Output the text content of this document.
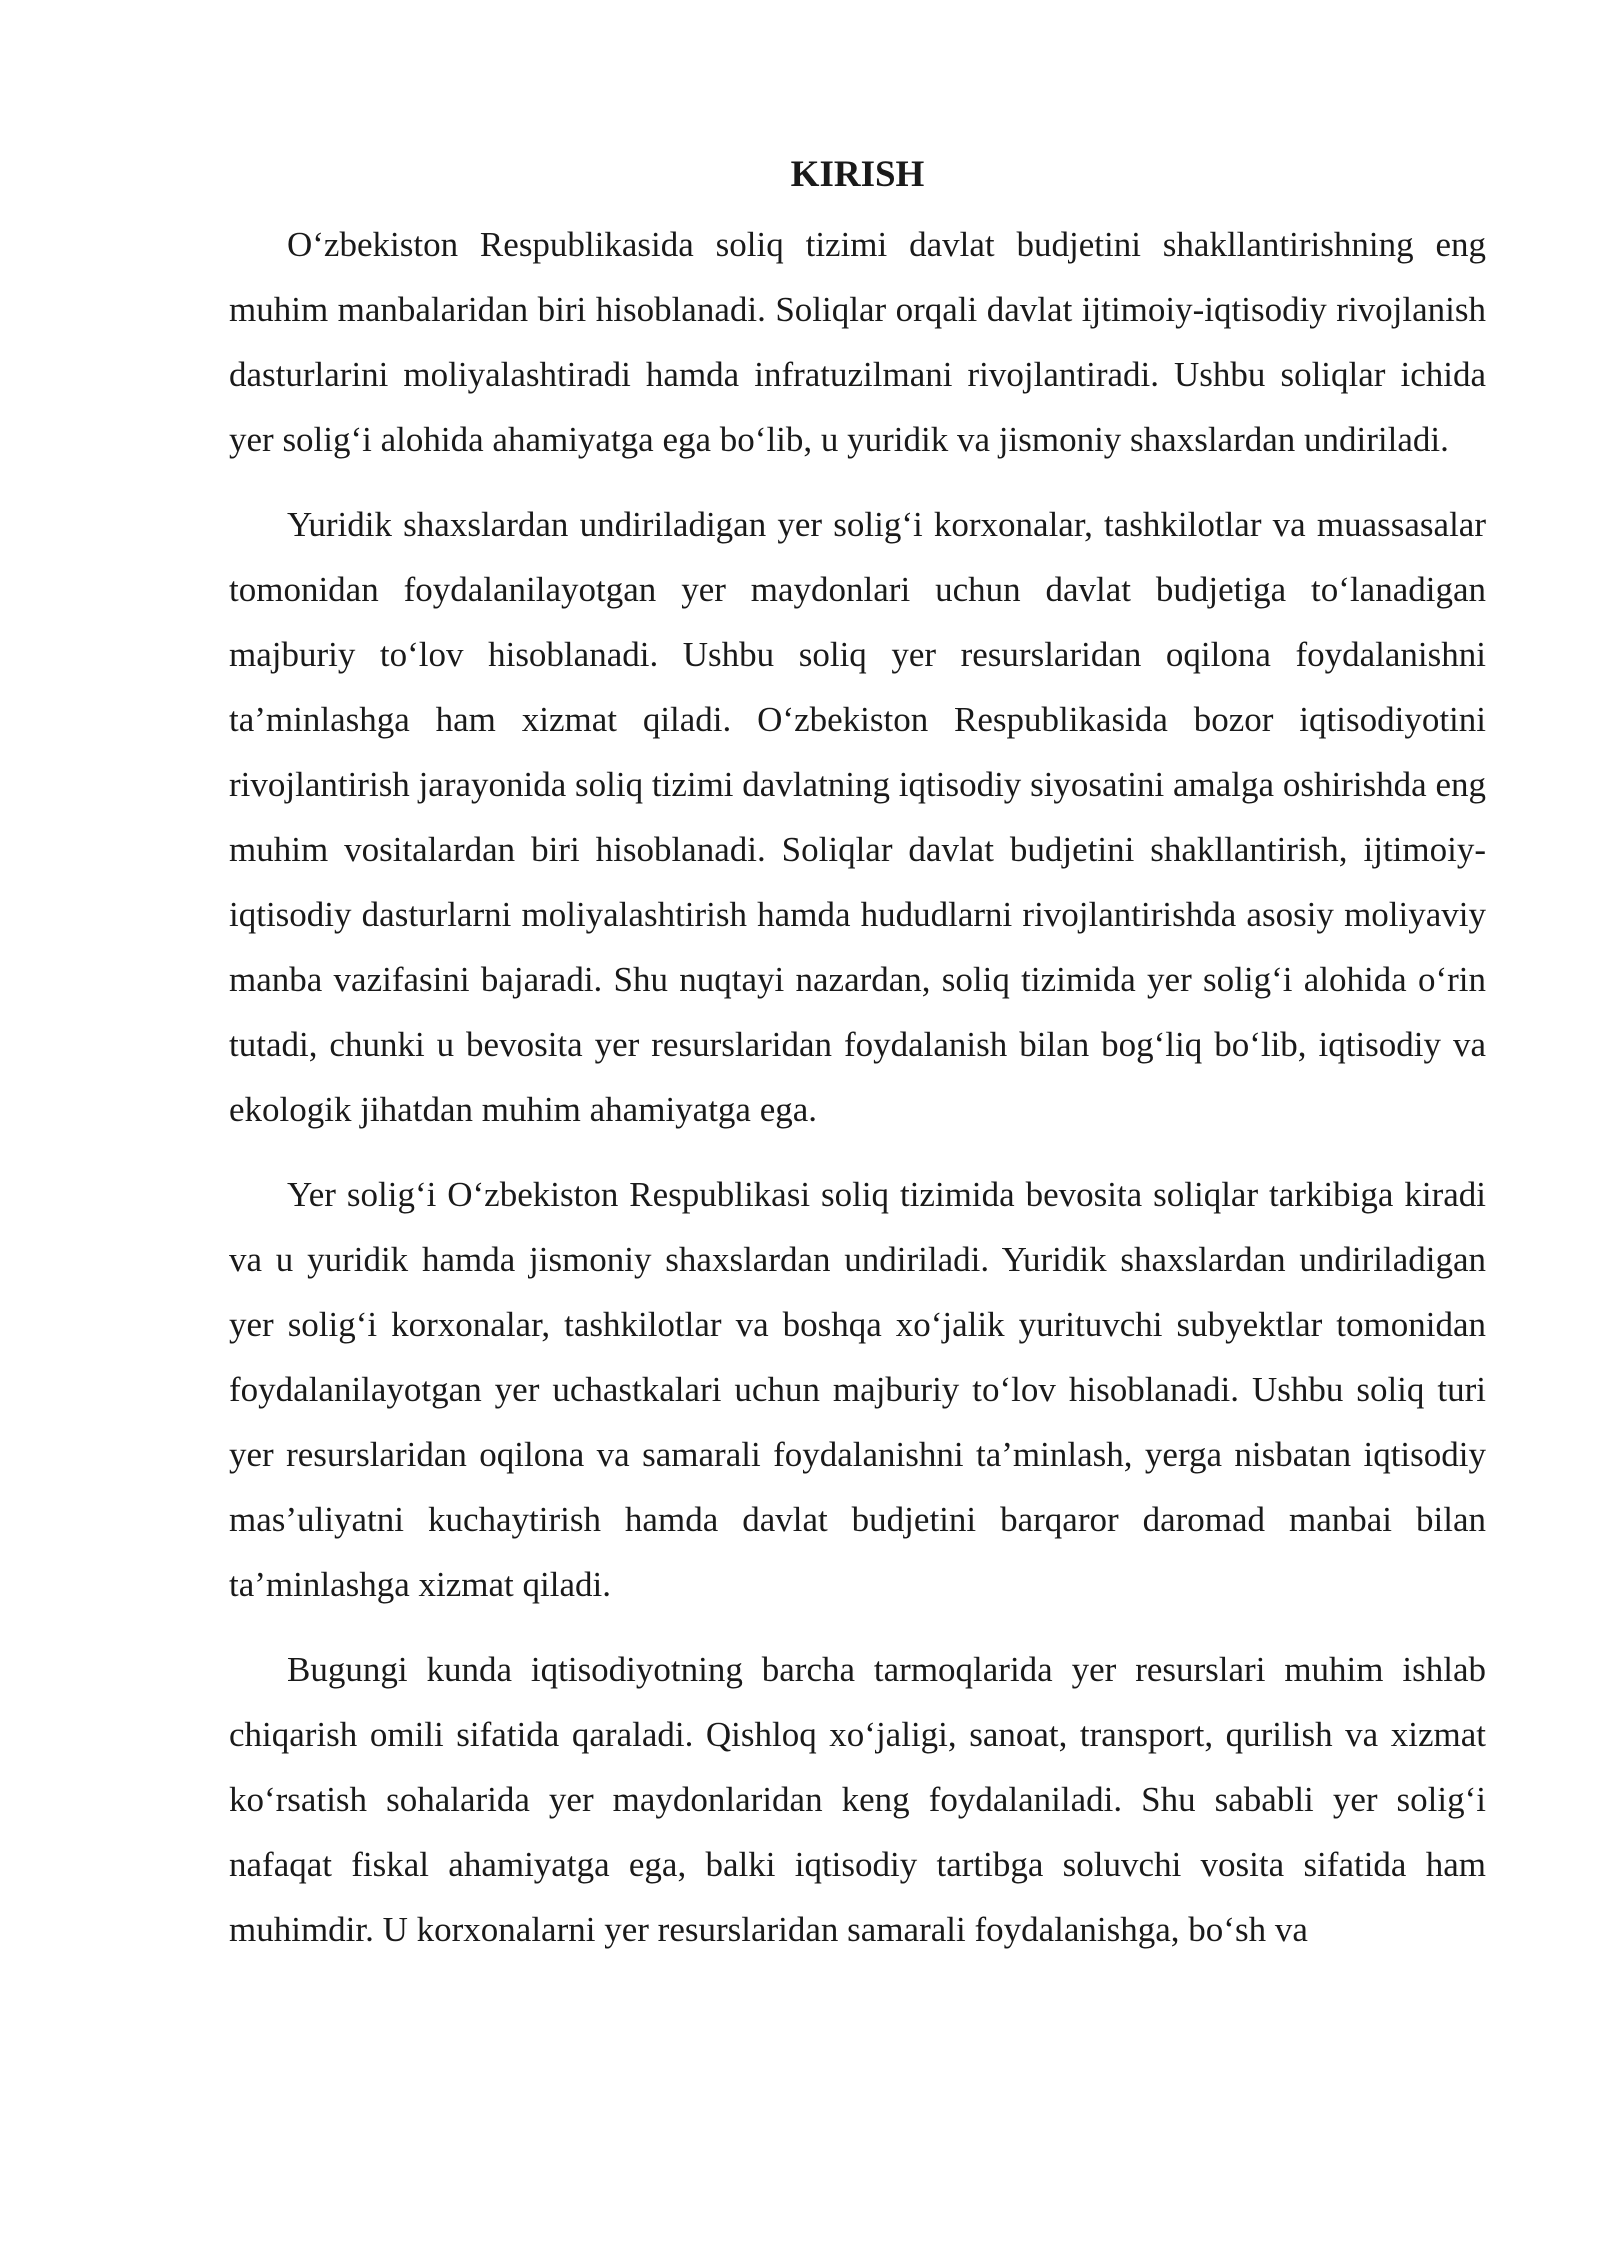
KIRISH

O‘zbekiston Respublikasida soliq tizimi davlat budjetini shakllantirishning eng muhim manbalaridan biri hisoblanadi. Soliqlar orqali davlat ijtimoiy-iqtisodiy rivojlanish dasturlarini moliyalashtiradi hamda infratuzilmani rivojlantiradi. Ushbu soliqlar ichida yer solig‘i alohida ahamiyatga ega bo‘lib, u yuridik va jismoniy shaxslardan undiriladi.

Yuridik shaxslardan undiriladigan yer solig‘i korxonalar, tashkilotlar va muassasalar tomonidan foydalanilayotgan yer maydonlari uchun davlat budjetiga to‘lanadigan majburiy to‘lov hisoblanadi. Ushbu soliq yer resurslaridan oqilona foydalanishni ta’minlashga ham xizmat qiladi. O‘zbekiston Respublikasida bozor iqtisodiyotini rivojlantirish jarayonida soliq tizimi davlatning iqtisodiy siyosatini amalga oshirishda eng muhim vositalardan biri hisoblanadi. Soliqlar davlat budjetini shakllantirish, ijtimoiy-iqtisodiy dasturlarni moliyalashtirish hamda hududlarni rivojlantirishda asosiy moliyaviy manba vazifasini bajaradi. Shu nuqtayi nazardan, soliq tizimida yer solig‘i alohida o‘rin tutadi, chunki u bevosita yer resurslaridan foydalanish bilan bog‘liq bo‘lib, iqtisodiy va ekologik jihatdan muhim ahamiyatga ega.

Yer solig‘i O‘zbekiston Respublikasi soliq tizimida bevosita soliqlar tarkibiga kiradi va u yuridik hamda jismoniy shaxslardan undiriladi. Yuridik shaxslardan undiriladigan yer solig‘i korxonalar, tashkilotlar va boshqa xo‘jalik yurituvchi subyektlar tomonidan foydalanilayotgan yer uchastkalari uchun majburiy to‘lov hisoblanadi. Ushbu soliq turi yer resurslaridan oqilona va samarali foydalanishni ta’minlash, yerga nisbatan iqtisodiy mas’uliyatni kuchaytirish hamda davlat budjetini barqaror daromad manbai bilan ta’minlashga xizmat qiladi.

Bugungi kunda iqtisodiyotning barcha tarmoqlarida yer resurslari muhim ishlab chiqarish omili sifatida qaraladi. Qishloq xo‘jaligi, sanoat, transport, qurilish va xizmat ko‘rsatish sohalarida yer maydonlaridan keng foydalaniladi. Shu sababli yer solig‘i nafaqat fiskal ahamiyatga ega, balki iqtisodiy tartibga soluvchi vosita sifatida ham muhimdir. U korxonalarni yer resurslaridan samarali foydalanishga, bo‘sh va
